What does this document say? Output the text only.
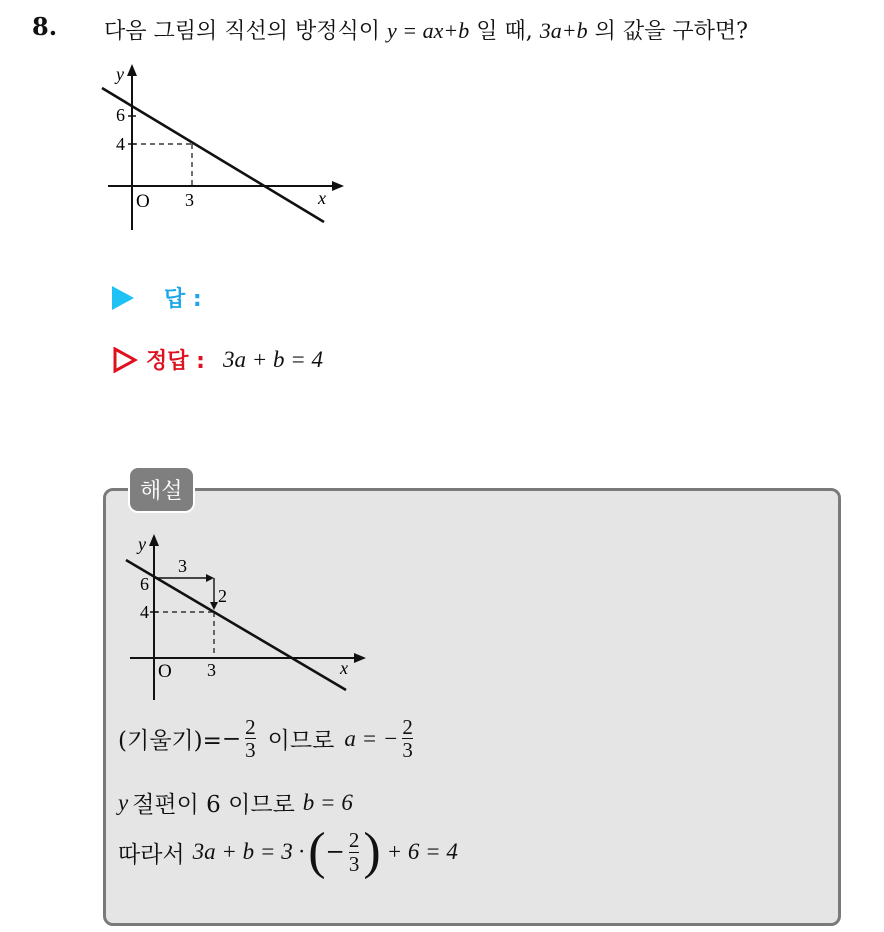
8. 다음 그림의 직선의 방정식이 y = ax+b 일 때, 3a+b 의 값을 구하면?
y
x
O
6
4
3
답 :
정답 : 3a + b = 4
해설
y
x
O
6
4
3
3
2
(기울기)= − $\frac{2}{3}$ 이므로 a = − $\frac{2}{3}$
y 절편이 6 이므로 b = 6
따라서 3a + b = 3 · ( − $\frac{2}{3}$ ) + 6 = 4
